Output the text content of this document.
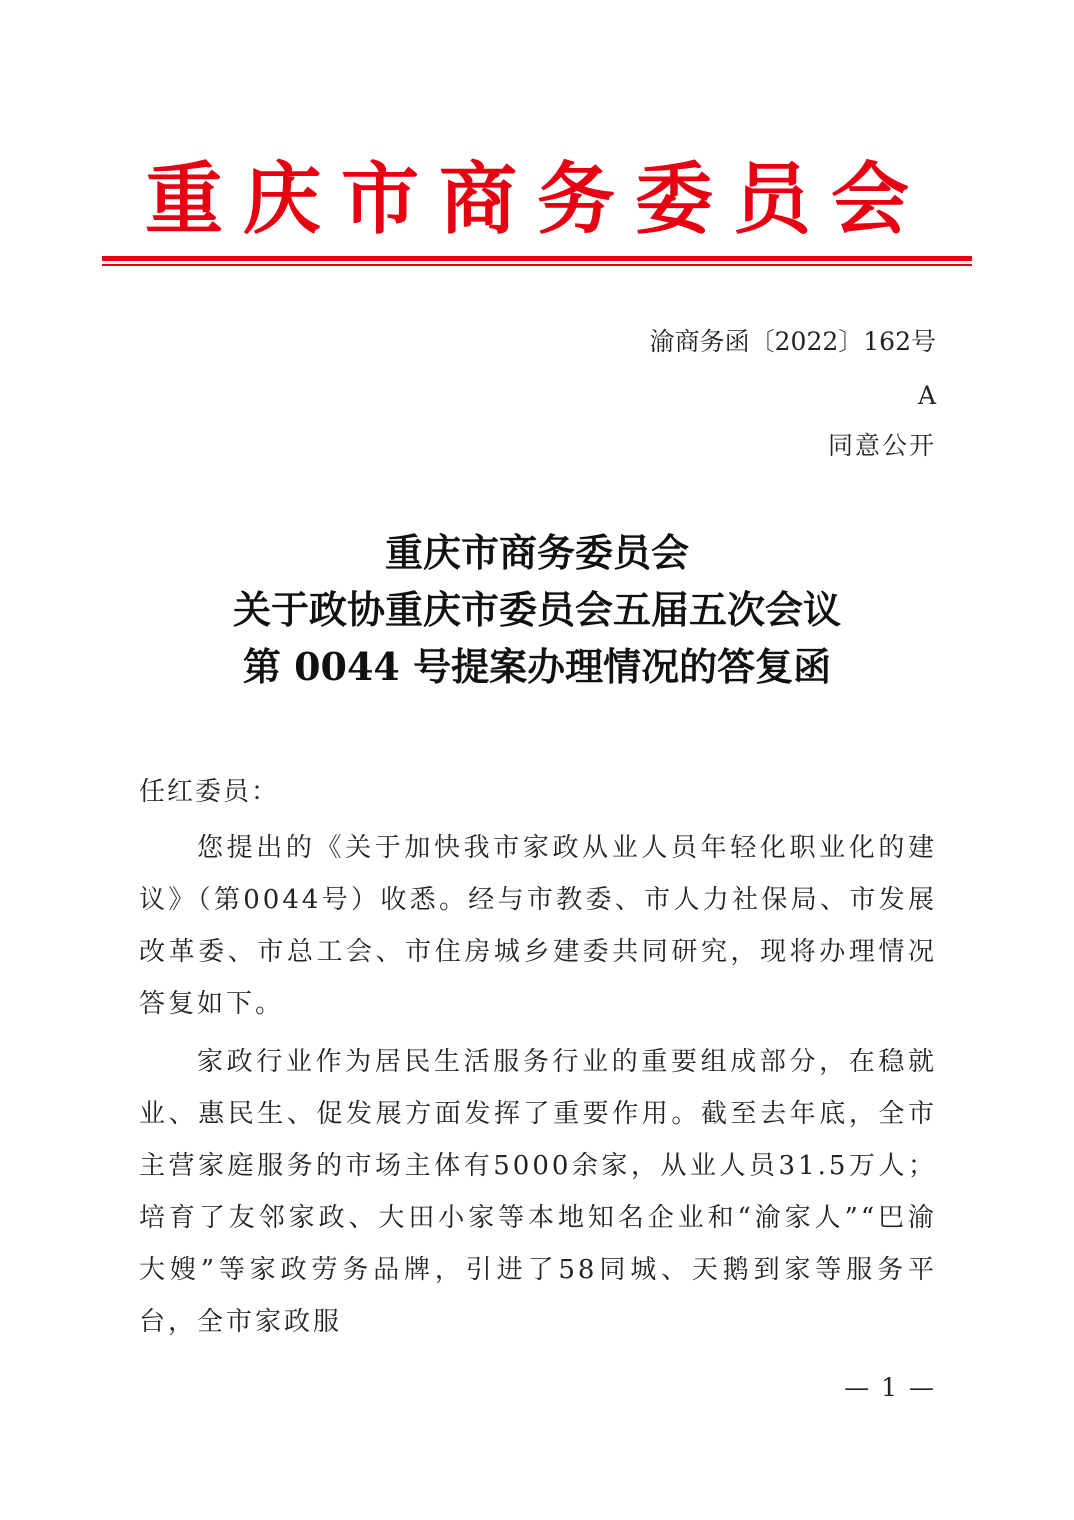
重庆市商务委员会
渝商务函〔2022〕162号
A
同意公开
重庆市商务委员会
关于政协重庆市委员会五届五次会议
第 0044 号提案办理情况的答复函
任红委员：

您提出的《关于加快我市家政从业人员年轻化职业化的建议》（第0044号）收悉。经与市教委、市人力社保局、市发展改革委、市总工会、市住房城乡建委共同研究，现将办理情况答复如下。

家政行业作为居民生活服务行业的重要组成部分，在稳就业、惠民生、促发展方面发挥了重要作用。截至去年底，全市主营家庭服务的市场主体有5000余家，从业人员31.5万人；培育了友邻家政、大田小家等本地知名企业和“渝家人”“巴渝大嫂”等家政劳务品牌，引进了58同城、天鹅到家等服务平台，全市家政服

— 1 —
